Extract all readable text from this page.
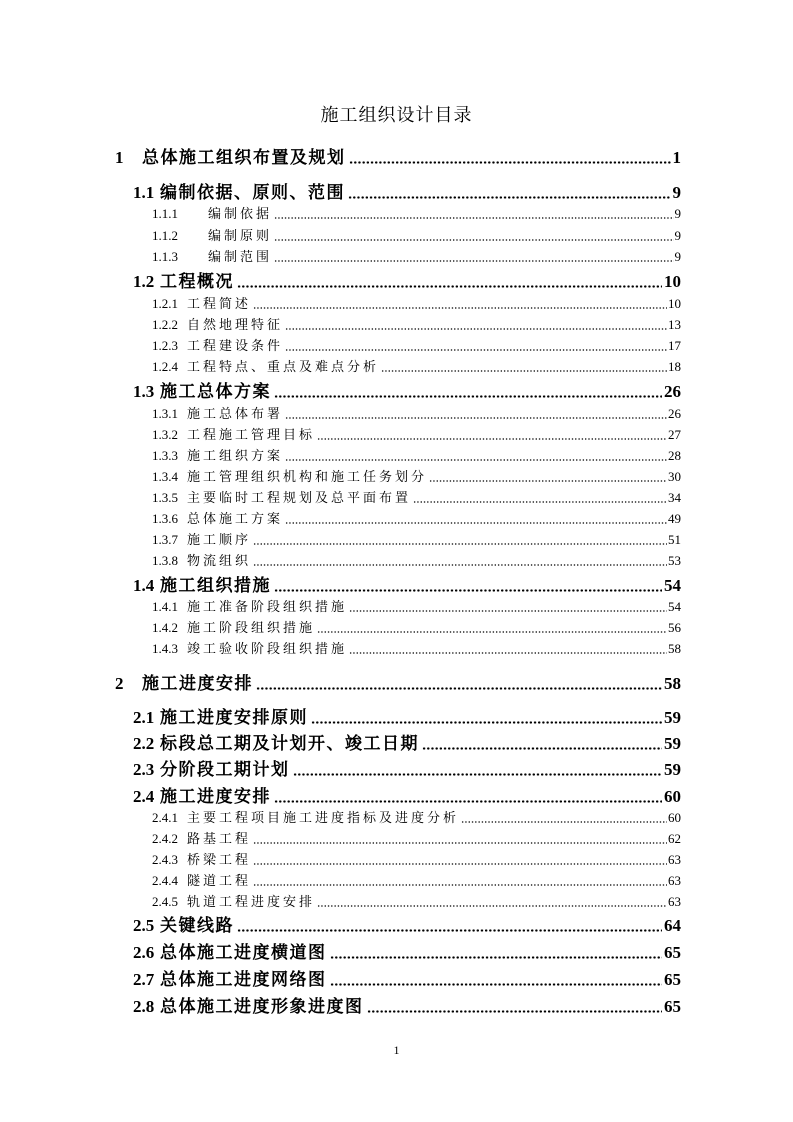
施工组织设计目录
1	总体施工组织布置及规划	1
1.1 编制依据、原则、范围	9
1.1.1	编制依据	9
1.1.2	编制原则	9
1.1.3	编制范围	9
1.2 工程概况	10
1.2.1 工程简述	10
1.2.2 自然地理特征	13
1.2.3 工程建设条件	17
1.2.4 工程特点、重点及难点分析	18
1.3 施工总体方案	26
1.3.1 施工总体布署	26
1.3.2 工程施工管理目标	27
1.3.3 施工组织方案	28
1.3.4 施工管理组织机构和施工任务划分	30
1.3.5 主要临时工程规划及总平面布置	34
1.3.6 总体施工方案	49
1.3.7 施工顺序	51
1.3.8 物流组织	53
1.4 施工组织措施	54
1.4.1 施工准备阶段组织措施	54
1.4.2 施工阶段组织措施	56
1.4.3 竣工验收阶段组织措施	58
2	施工进度安排	58
2.1 施工进度安排原则	59
2.2 标段总工期及计划开、竣工日期	59
2.3 分阶段工期计划	59
2.4 施工进度安排	60
2.4.1 主要工程项目施工进度指标及进度分析	60
2.4.2 路基工程	62
2.4.3 桥梁工程	63
2.4.4 隧道工程	63
2.4.5 轨道工程进度安排	63
2.5 关键线路	64
2.6 总体施工进度横道图	65
2.7 总体施工进度网络图	65
2.8 总体施工进度形象进度图	65
1
